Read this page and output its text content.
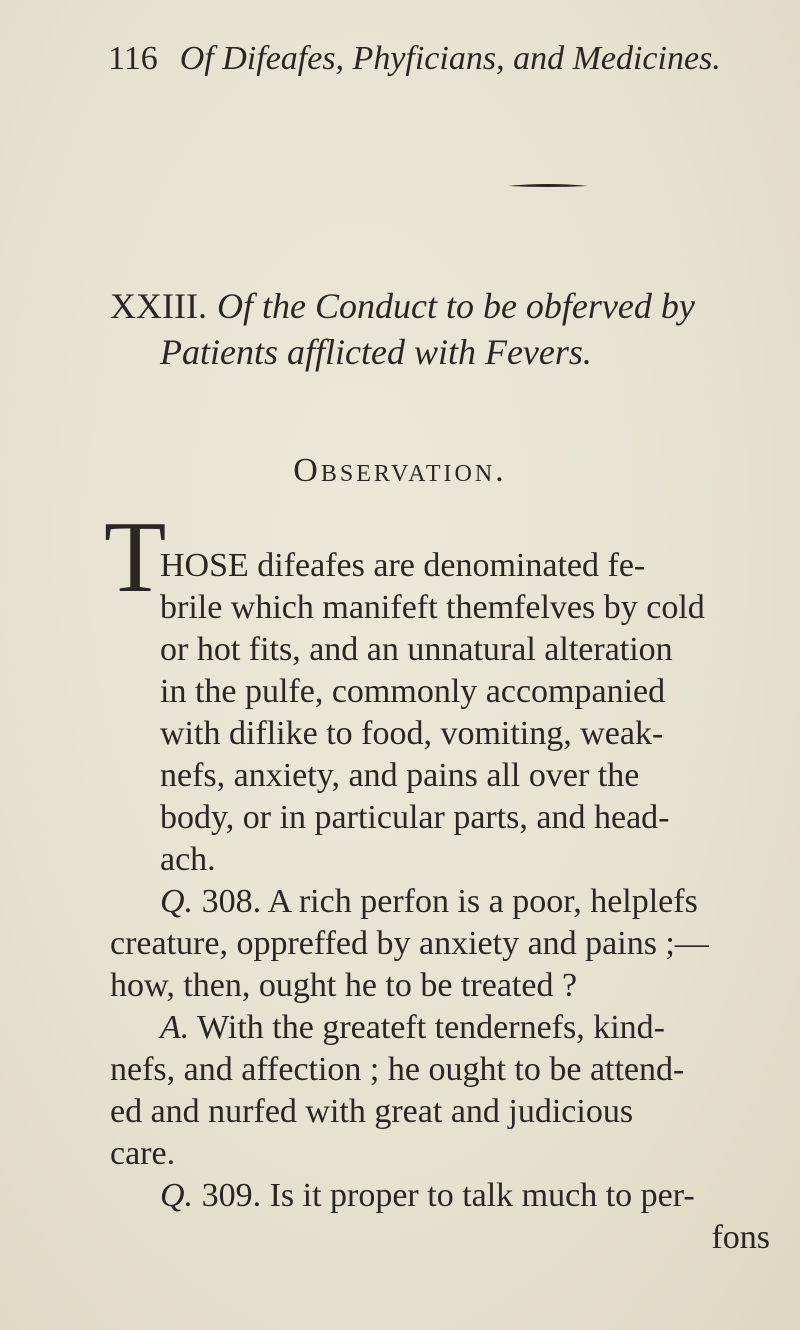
116 Of Difeafes, Phyficians, and Medicines.
XXIII. Of the Conduct to be obferved by
Patients afflicted with Fevers.
Observation.
T
HOSE difeafes are denominated fe-
brile which manifeft themfelves by cold
or hot fits, and an unnatural alteration
in the pulfe, commonly accompanied
with diflike to food, vomiting, weak-
nefs, anxiety, and pains all over the
body, or in particular parts, and head-
ach.
Q. 308. A rich perfon is a poor, helplefs
creature, oppreffed by anxiety and pains ;—
how, then, ought he to be treated ?
A. With the greateft tendernefs, kind-
nefs, and affection ; he ought to be attend-
ed and nurfed with great and judicious
care.
Q. 309. Is it proper to talk much to per-
fons
